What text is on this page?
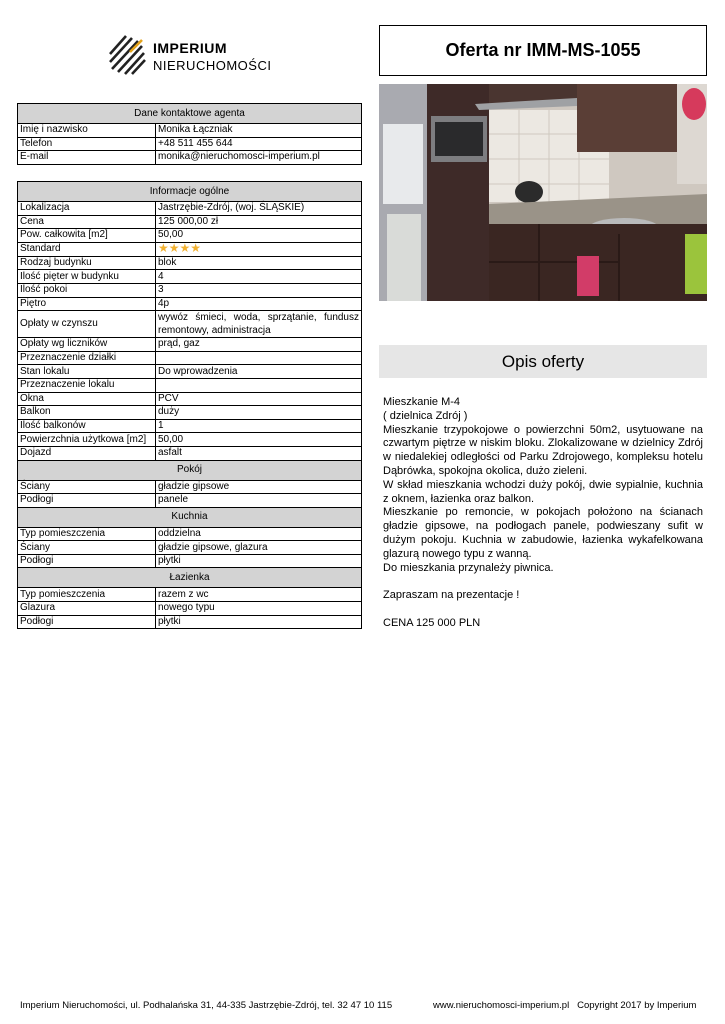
IMPERIUM
NIERUCHOMOŚCI
Oferta nr IMM-MS-1055
Dane kontaktowe agenta	
Imię i nazwisko	Monika Łączniak
Telefon	+48 511 455 644
E-mail	monika@nieruchomosci-imperium.pl
Informacje ogólne	
Lokalizacja	Jastrzębie-Zdrój, (woj. ŚLĄSKIE)
Cena	125 000,00 zł
Pow. całkowita [m2]	50,00
Standard	★★★★
Rodzaj budynku	blok
Ilość pięter w budynku	4
Ilość pokoi	3
Piętro	4p
Opłaty w czynszu	wywóz śmieci, woda, sprzątanie, fundusz remontowy, administracja
Opłaty wg liczników	prąd, gaz
Przeznaczenie działki	
Stan lokalu	Do wprowadzenia
Przeznaczenie lokalu	
Okna	PCV
Balkon	duży
Ilość balkonów	1
Powierzchnia użytkowa [m2]	50,00
Dojazd	asfalt
Pokój	
Ściany	gładzie gipsowe
Podłogi	panele
Kuchnia	
Typ pomieszczenia	oddzielna
Ściany	gładzie gipsowe, glazura
Podłogi	płytki
Łazienka	
Typ pomieszczenia	razem z wc
Glazura	nowego typu
Podłogi	płytki
Opis oferty

Mieszkanie M-4

( dzielnica Zdrój )

Mieszkanie trzypokojowe o powierzchni 50m2, usytuowane na czwartym piętrze w niskim bloku. Zlokalizowane w dzielnicy Zdrój w niedalekiej odległości od Parku Zdrojowego, kompleksu hotelu Dąbrówka, spokojna okolica, dużo zieleni.

W skład mieszkania wchodzi duży pokój, dwie sypialnie, kuchnia z oknem, łazienka oraz balkon.

Mieszkanie po remoncie, w pokojach położono na ścianach gładzie gipsowe, na podłogach panele, podwieszany sufit w dużym pokoju. Kuchnia w zabudowie, łazienka wykafelkowana glazurą nowego typu z wanną.

Do mieszkania przynależy piwnica.

Zapraszam na prezentacje !

CENA 125 000 PLN

Imperium Nieruchomości, ul. Podhalańska 31, 44-335 Jastrzębie-Zdrój, tel. 32 47 10 115	www.nieruchomosci-imperium.pl   Copyright 2017 by Imperium
